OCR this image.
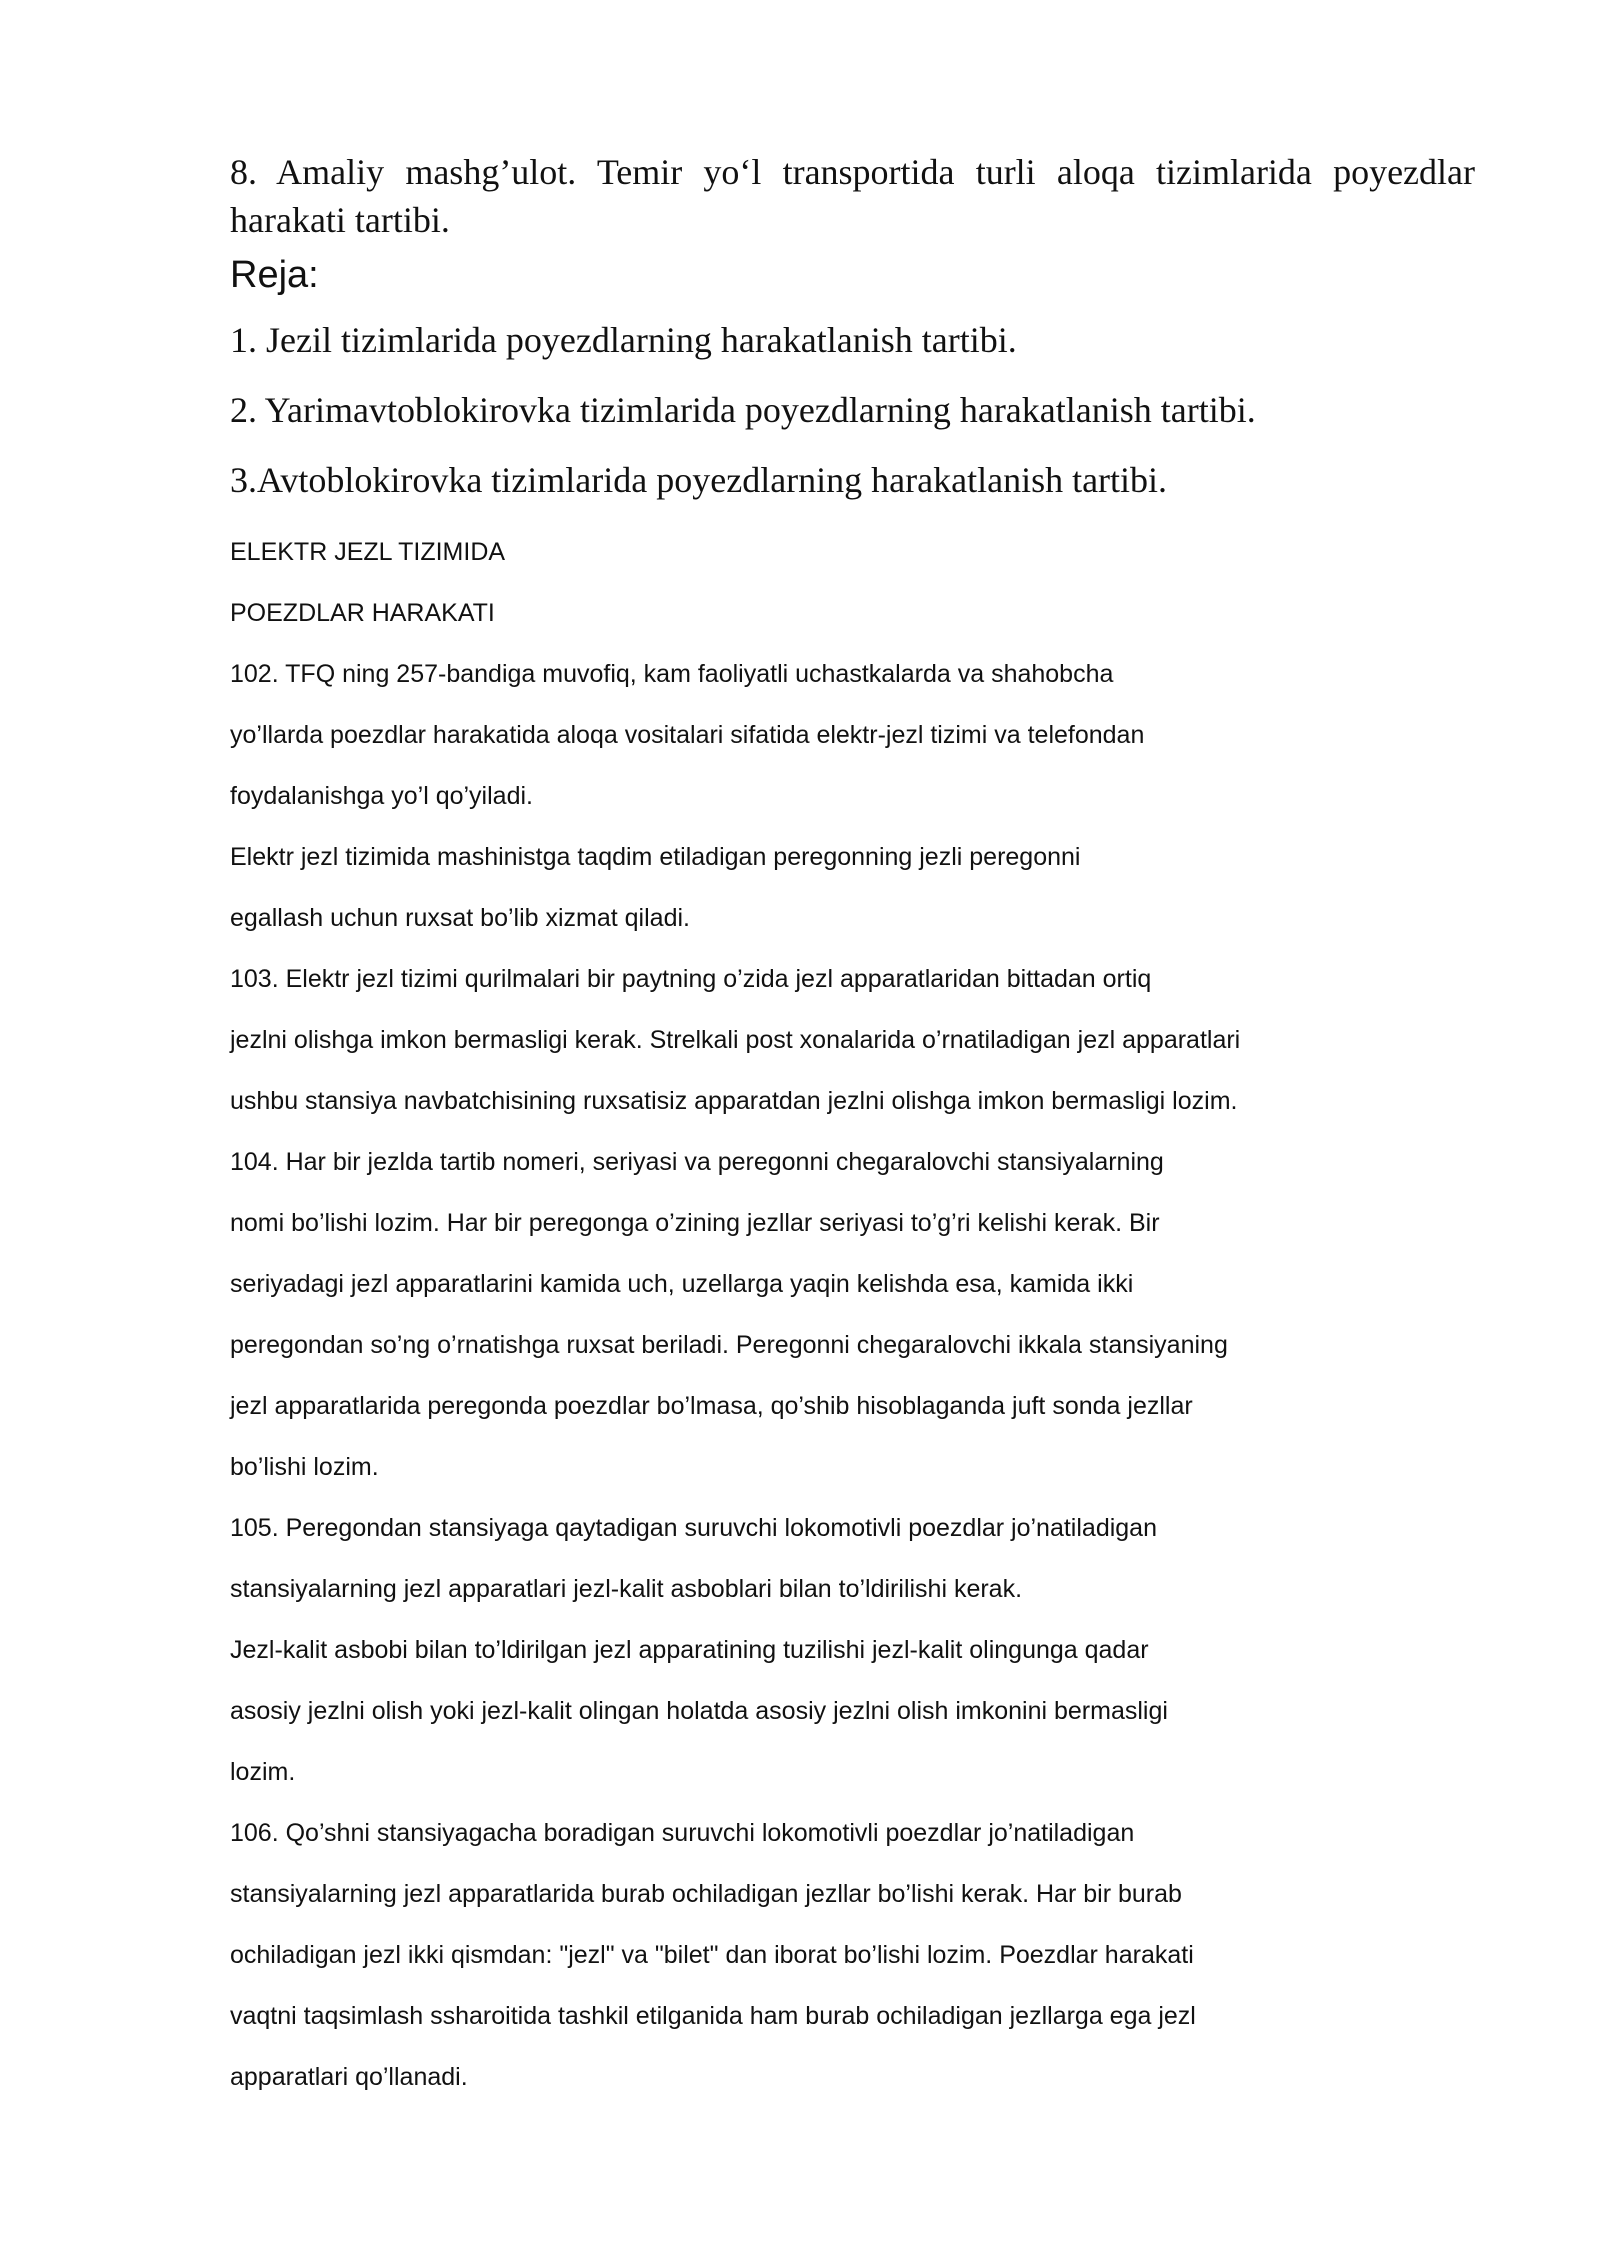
8. Amaliy mashg’ulot. Temir yo‘l transportida turli aloqa tizimlarida poyezdlar harakati tartibi.

Reja:

1. Jezil tizimlarida poyezdlarning harakatlanish tartibi.

2. Yarimavtoblokirovka tizimlarida poyezdlarning harakatlanish tartibi.

3.Avtoblokirovka tizimlarida poyezdlarning harakatlanish tartibi.

ELEKTR JEZL TIZIMIDA

POEZDLAR HARAKATI

102. TFQ ning 257-bandiga muvofiq, kam faoliyatli uchastkalarda va shahobcha

yo’llarda poezdlar harakatida aloqa vositalari sifatida elektr-jezl tizimi va telefondan

foydalanishga yo’l qo’yiladi.

Elektr jezl tizimida mashinistga taqdim etiladigan peregonning jezli peregonni

egallash uchun ruxsat bo’lib xizmat qiladi.

103. Elektr jezl tizimi qurilmalari bir paytning o’zida jezl apparatlaridan bittadan ortiq

jezlni olishga imkon bermasligi kerak. Strelkali post xonalarida o’rnatiladigan jezl apparatlari

ushbu stansiya navbatchisining ruxsatisiz apparatdan jezlni olishga imkon bermasligi lozim.

104. Har bir jezlda tartib nomeri, seriyasi va peregonni chegaralovchi stansiyalarning

nomi bo’lishi lozim. Har bir peregonga o’zining jezllar seriyasi to’g’ri kelishi kerak. Bir

seriyadagi jezl apparatlarini kamida uch, uzellarga yaqin kelishda esa, kamida ikki

peregondan so’ng o’rnatishga ruxsat beriladi. Peregonni chegaralovchi ikkala stansiyaning

jezl apparatlarida peregonda poezdlar bo’lmasa, qo’shib hisoblaganda juft sonda jezllar

bo’lishi lozim.

105. Peregondan stansiyaga qaytadigan suruvchi lokomotivli poezdlar jo’natiladigan

stansiyalarning jezl apparatlari jezl-kalit asboblari bilan to’ldirilishi kerak.

Jezl-kalit asbobi bilan to’ldirilgan jezl apparatining tuzilishi jezl-kalit olingunga qadar

asosiy jezlni olish yoki jezl-kalit olingan holatda asosiy jezlni olish imkonini bermasligi

lozim.

106. Qo’shni stansiyagacha boradigan suruvchi lokomotivli poezdlar jo’natiladigan

stansiyalarning jezl apparatlarida burab ochiladigan jezllar bo’lishi kerak. Har bir burab

ochiladigan jezl ikki qismdan: "jezl" va "bilet" dan iborat bo’lishi lozim. Poezdlar harakati

vaqtni taqsimlash ssharoitida tashkil etilganida ham burab ochiladigan jezllarga ega jezl

apparatlari qo’llanadi.
